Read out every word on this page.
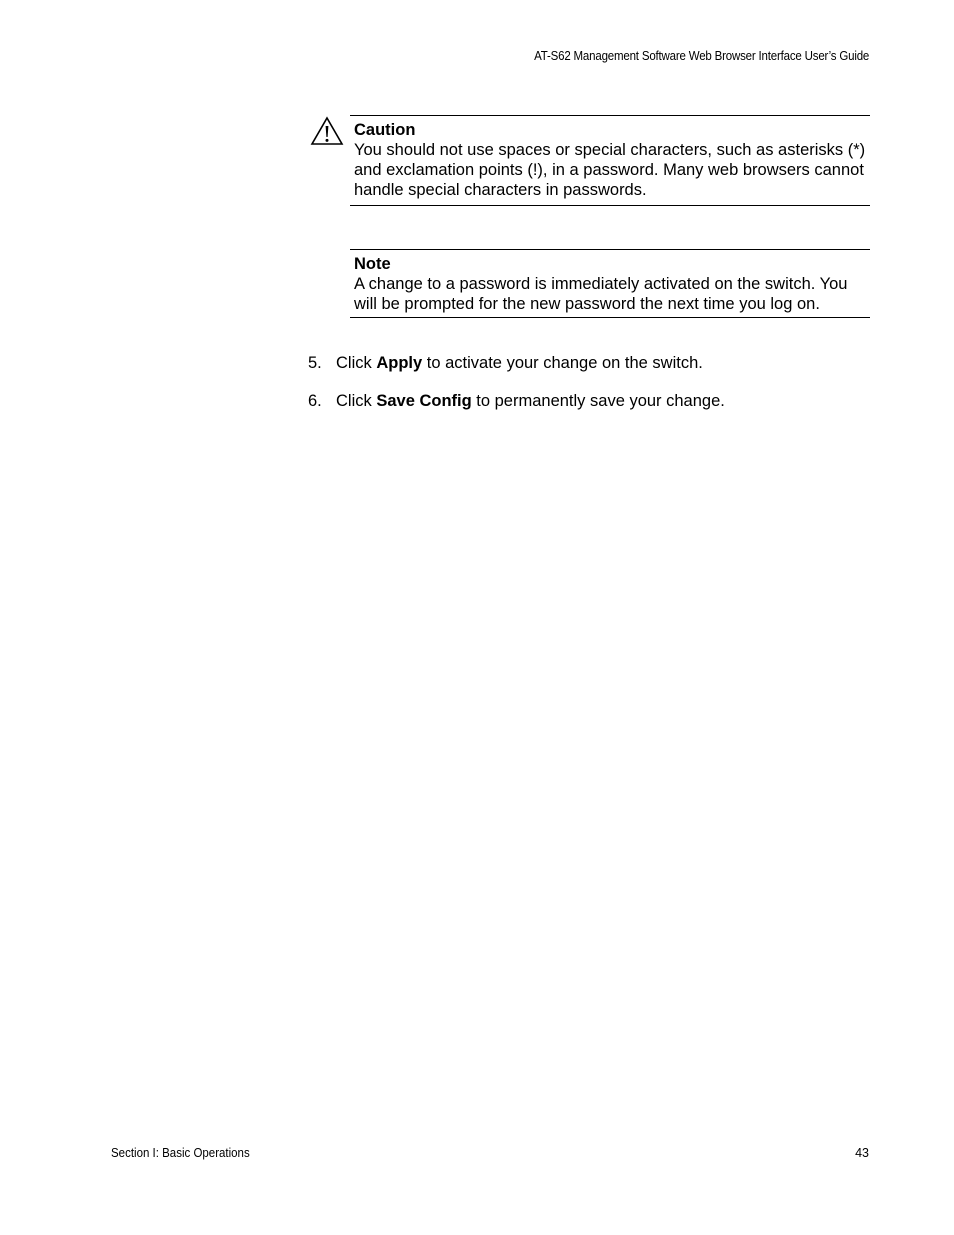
AT-S62 Management Software Web Browser Interface User’s Guide
Caution
You should not use spaces or special characters, such as asterisks (*) and exclamation points (!), in a password. Many web browsers cannot handle special characters in passwords.
Note
A change to a password is immediately activated on the switch. You will be prompted for the new password the next time you log on.
5. Click Apply to activate your change on the switch.
6. Click Save Config to permanently save your change.
Section I: Basic Operations	43
